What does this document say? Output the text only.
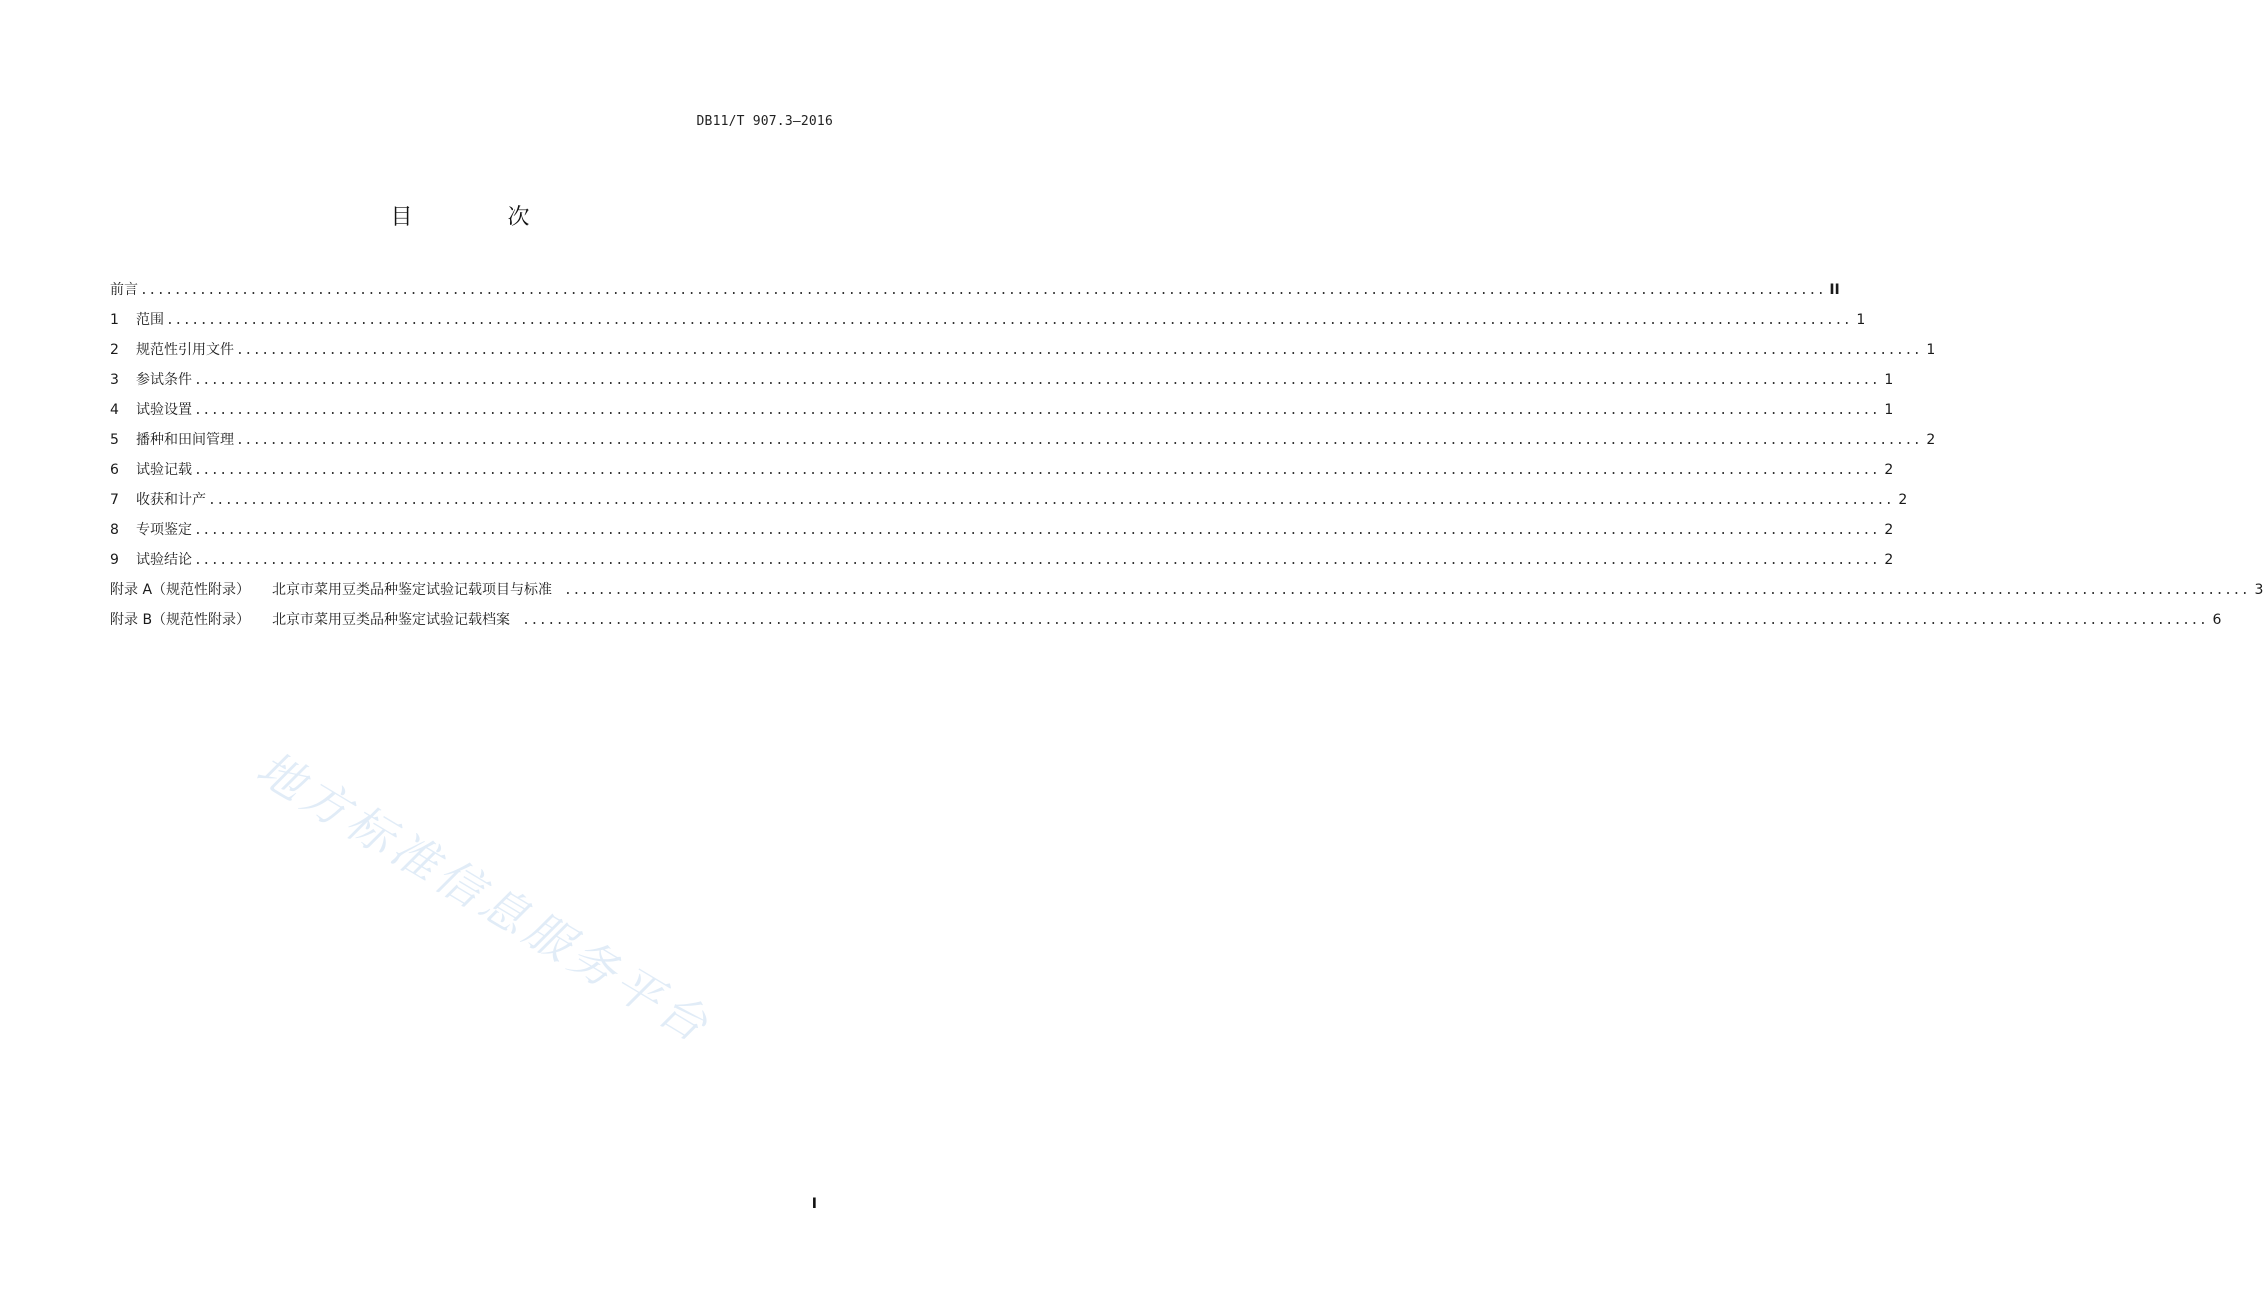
DB11/T 907.3—2016
目 次
前言 ........................................................................................................................................................................................................ II
1	范围 ........................................................................................................................................................................................................ 1
2	规范性引用文件 ........................................................................................................................................................................................................ 1
3	参试条件 ........................................................................................................................................................................................................ 1
4	试验设置 ........................................................................................................................................................................................................ 1
5	播种和田间管理 ........................................................................................................................................................................................................ 2
6	试验记载 ........................................................................................................................................................................................................ 2
7	收获和计产 ........................................................................................................................................................................................................ 2
8	专项鉴定 ........................................................................................................................................................................................................ 2
9	试验结论 ........................................................................................................................................................................................................ 2
附录 A（规范性附录） 北京市菜用豆类品种鉴定试验记载项目与标准 ........................................................................................................................................................................................................ 3
附录 B（规范性附录） 北京市菜用豆类品种鉴定试验记载档案 ........................................................................................................................................................................................................ 6
地方标准信息服务平台
I
